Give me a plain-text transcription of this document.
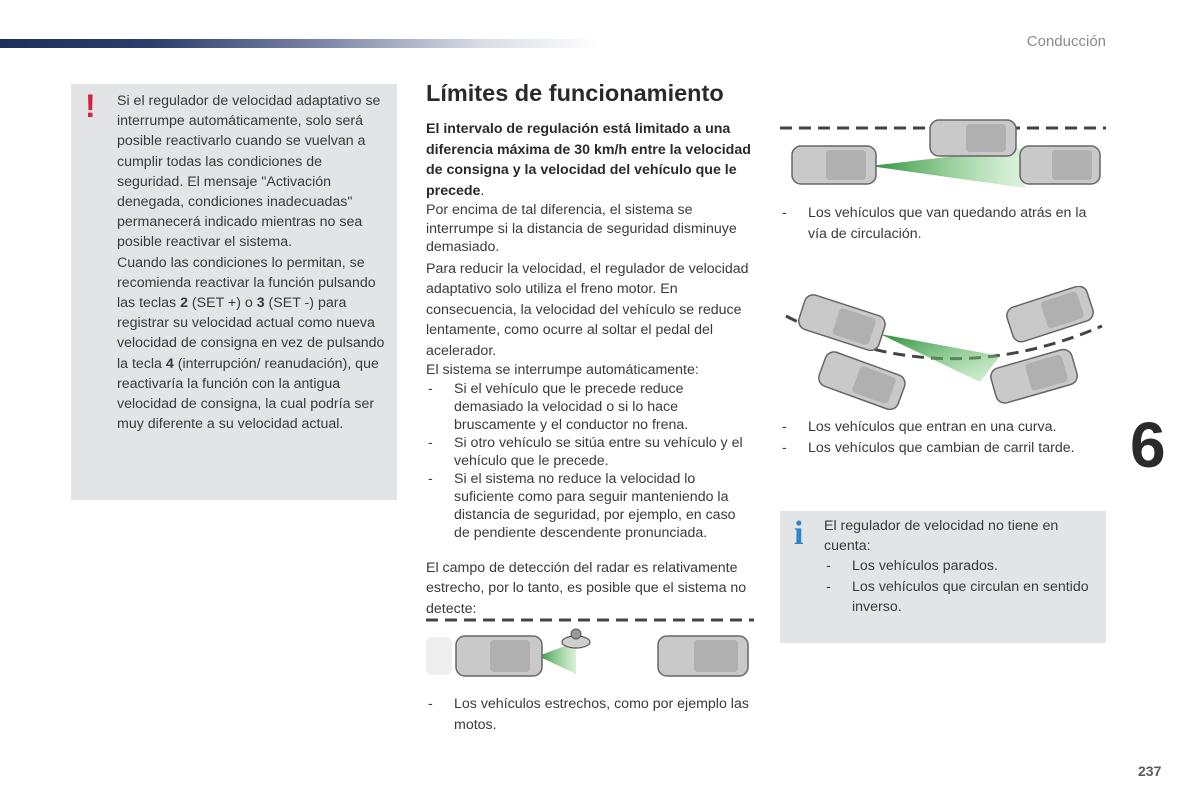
Conducción
6
237
! Si el regulador de velocidad adaptativo se interrumpe automáticamente, solo será posible reactivarlo cuando se vuelvan a cumplir todas las condiciones de seguridad. El mensaje "Activación denegada, condiciones inadecuadas" permanecerá indicado mientras no sea posible reactivar el sistema.
Cuando las condiciones lo permitan, se recomienda reactivar la función pulsando las teclas 2 (SET +) o 3 (SET -) para registrar su velocidad actual como nueva velocidad de consigna en vez de pulsando la tecla 4 (interrupción/ reanudación), que reactivaría la función con la antigua velocidad de consigna, la cual podría ser muy diferente a su velocidad actual.
Límites de funcionamiento
El intervalo de regulación está limitado a una diferencia máxima de 30 km/h entre la velocidad de consigna y la velocidad del vehículo que le precede.
Por encima de tal diferencia, el sistema se interrumpe si la distancia de seguridad disminuye demasiado.
Para reducir la velocidad, el regulador de velocidad adaptativo solo utiliza el freno motor. En consecuencia, la velocidad del vehículo se reduce lentamente, como ocurre al soltar el pedal del acelerador.
El sistema se interrumpe automáticamente:
- Si el vehículo que le precede reduce demasiado la velocidad o si lo hace bruscamente y el conductor no frena.
- Si otro vehículo se sitúa entre su vehículo y el vehículo que le precede.
- Si el sistema no reduce la velocidad lo suficiente como para seguir manteniendo la distancia de seguridad, por ejemplo, en caso de pendiente descendente pronunciada.
El campo de detección del radar es relativamente estrecho, por lo tanto, es posible que el sistema no detecte:
- Los vehículos estrechos, como por ejemplo las motos.
- Los vehículos que van quedando atrás en la vía de circulación.
- Los vehículos que entran en una curva.
- Los vehículos que cambian de carril tarde.
i El regulador de velocidad no tiene en cuenta:
- Los vehículos parados.
- Los vehículos que circulan en sentido inverso.
